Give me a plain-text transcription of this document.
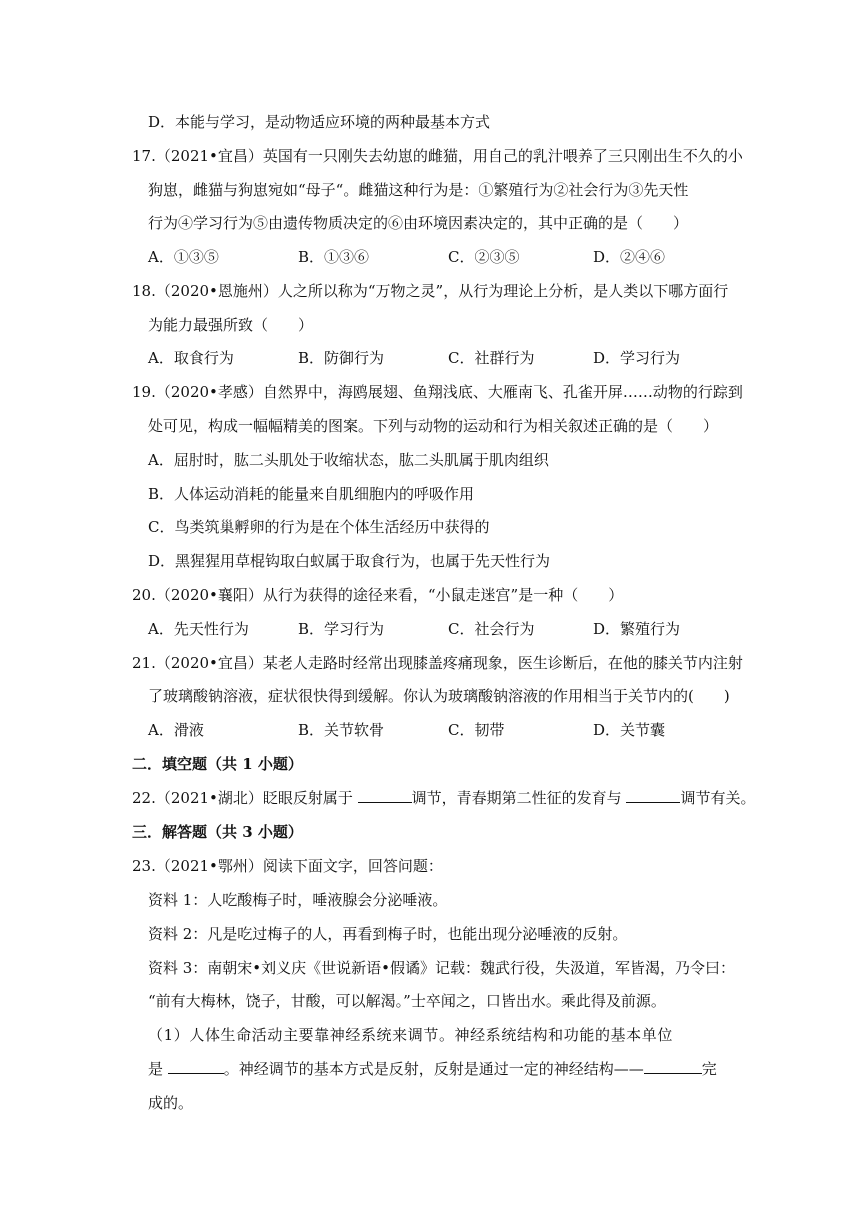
D．本能与学习，是动物适应环境的两种最基本方式
17.（2021•宜昌）英国有一只刚失去幼崽的雌猫，用自己的乳汁喂养了三只刚出生不久的小
狗崽，雌猫与狗崽宛如“母子“。雌猫这种行为是：①繁殖行为②社会行为③先天性
行为④学习行为⑤由遗传物质决定的⑥由环境因素决定的，其中正确的是（　　）
A．①③⑤	B．①③⑥	C．②③⑤	D．②④⑥
18.（2020•恩施州）人之所以称为“万物之灵”，从行为理论上分析，是人类以下哪方面行
为能力最强所致（　　）
A．取食行为	B．防御行为	C．社群行为	D．学习行为
19.（2020•孝感）自然界中，海鸥展翅、鱼翔浅底、大雁南飞、孔雀开屏……动物的行踪到
处可见，构成一幅幅精美的图案。下列与动物的运动和行为相关叙述正确的是（　　）
A．屈肘时，肱二头肌处于收缩状态，肱二头肌属于肌肉组织
B．人体运动消耗的能量来自肌细胞内的呼吸作用
C．鸟类筑巢孵卵的行为是在个体生活经历中获得的
D．黑猩猩用草棍钩取白蚁属于取食行为，也属于先天性行为
20.（2020•襄阳）从行为获得的途径来看，“小鼠走迷宫”是一种（　　）
A．先天性行为	B．学习行为	C．社会行为	D．繁殖行为
21.（2020•宜昌）某老人走路时经常出现膝盖疼痛现象，医生诊断后，在他的膝关节内注射
了玻璃酸钠溶液，症状很快得到缓解。你认为玻璃酸钠溶液的作用相当于关节内的(　　)
A．滑液	B．关节软骨	C．韧带	D．关节囊
二．填空题（共 1 小题）
22.（2021•湖北）眨眼反射属于	调节，青春期第二性征的发育与	调节有关。
三．解答题（共 3 小题）
23.（2021•鄂州）阅读下面文字，回答问题：
资料 1：人吃酸梅子时，唾液腺会分泌唾液。
资料 2：凡是吃过梅子的人，再看到梅子时，也能出现分泌唾液的反射。
资料 3：南朝宋•刘义庆《世说新语•假谲》记载：魏武行役，失汲道，军皆渴，乃令曰：
“前有大梅林，饶子，甘酸，可以解渴。”士卒闻之，口皆出水。乘此得及前源。
（1）人体生命活动主要靠神经系统来调节。神经系统结构和功能的基本单位
是	。神经调节的基本方式是反射，反射是通过一定的神经结构——	完
成的。
